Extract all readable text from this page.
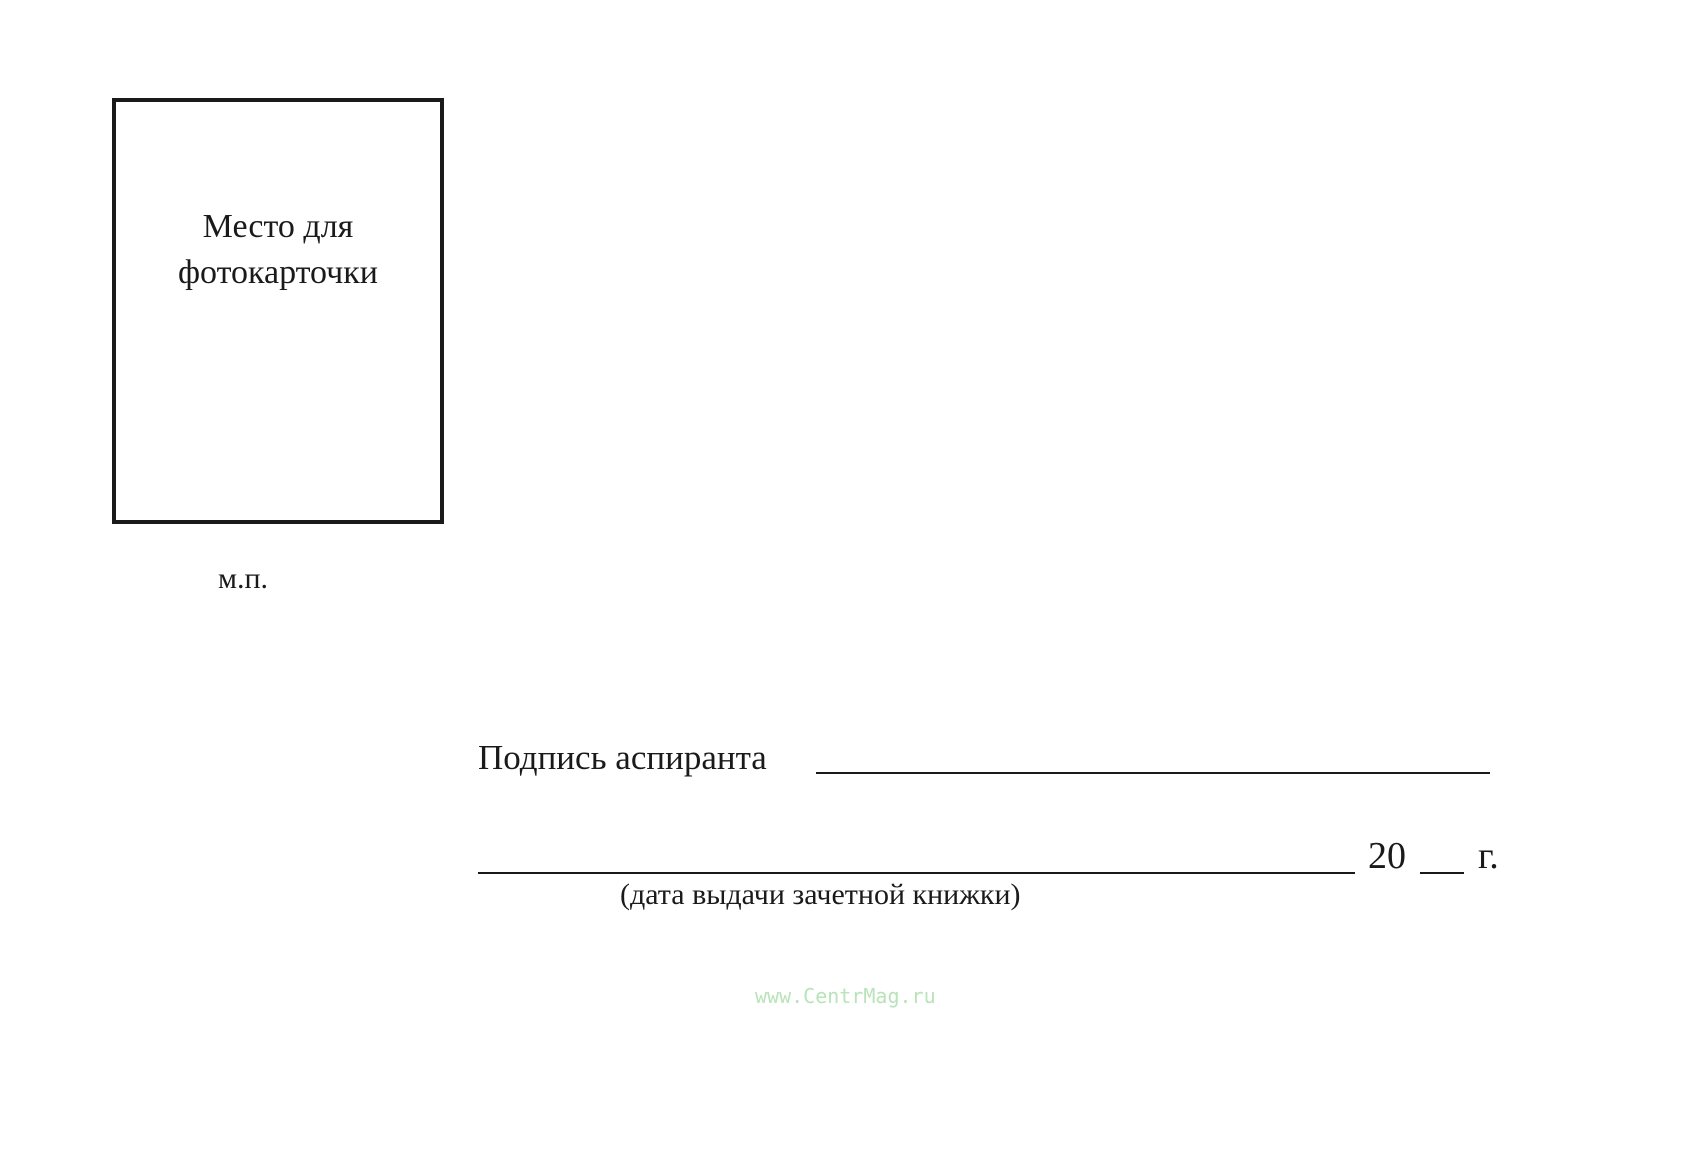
Место для
фотокарточки
м.п.
Подпись аспиранта
20 г.
(дата выдачи зачетной книжки)
www.CentrMag.ru
